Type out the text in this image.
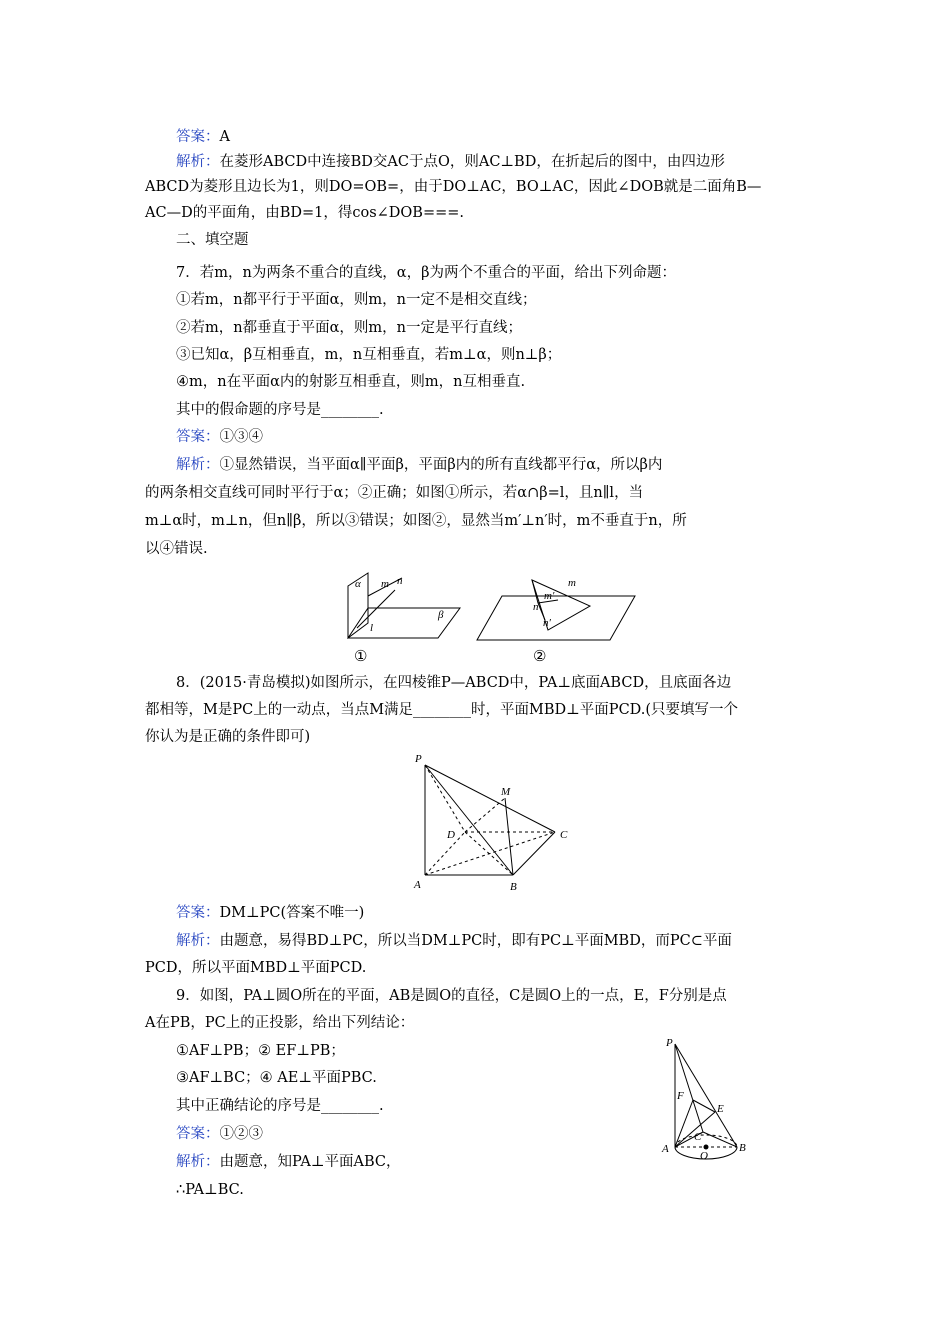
答案：A
解析：在菱形ABCD中连接BD交AC于点O，则AC⊥BD，在折起后的图中，由四边形
ABCD为菱形且边长为1，则DO=OB=，由于DO⊥AC，BO⊥AC，因此∠DOB就是二面角B—
AC—D的平面角，由BD=1，得cos∠DOB===.
二、填空题
7．若m，n为两条不重合的直线，α，β为两个不重合的平面，给出下列命题：
①若m，n都平行于平面α，则m，n一定不是相交直线；
②若m，n都垂直于平面α，则m，n一定是平行直线；
③已知α，β互相垂直，m，n互相垂直，若m⊥α，则n⊥β；
④m，n在平面α内的射影互相垂直，则m，n互相垂直.
其中的假命题的序号是________.
答案：①③④
解析：①显然错误，当平面α∥平面β，平面β内的所有直线都平行α，所以β内
的两条相交直线可同时平行于α；②正确；如图①所示，若α∩β=l，且n∥l，当
m⊥α时，m⊥n，但n∥β，所以③错误；如图②，显然当m′⊥n′时，m不垂直于n，所
以④错误.
α m n
l
β
m
m′
n
n′
①	②
8．(2015·青岛模拟)如图所示，在四棱锥P—ABCD中，PA⊥底面ABCD，且底面各边
都相等，M是PC上的一动点，当点M满足________时，平面MBD⊥平面PCD.(只要填写一个
你认为是正确的条件即可)
P
M
D	C
A	B
答案：DM⊥PC(答案不唯一)
解析：由题意，易得BD⊥PC，所以当DM⊥PC时，即有PC⊥平面MBD，而PC⊂平面
PCD，所以平面MBD⊥平面PCD.
9．如图，PA⊥圆O所在的平面，AB是圆O的直径，C是圆O上的一点，E，F分别是点
A在PB，PC上的正投影，给出下列结论：
①AF⊥PB；② EF⊥PB；
③AF⊥BC；④ AE⊥平面PBC.
其中正确结论的序号是________.
答案：①②③
解析：由题意，知PA⊥平面ABC，
∴PA⊥BC.
P
F
E
C
A
O
B
